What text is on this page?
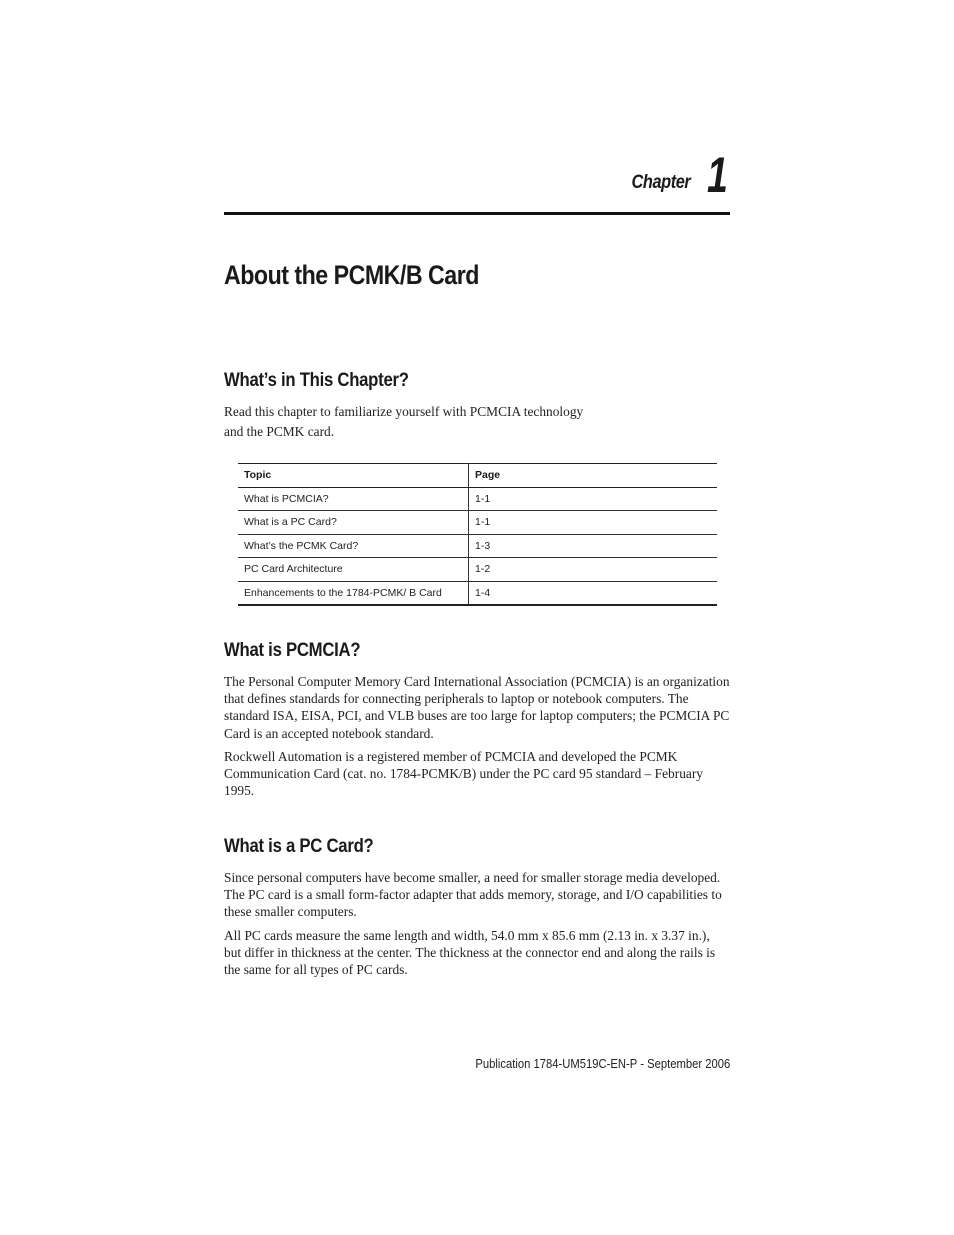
Chapter 1
About the PCMK/B Card
What’s in This Chapter?

Read this chapter to familiarize yourself with PCMCIA technology

and the PCMK card.

Topic	Page
What is PCMCIA?	1-1
What is a PC Card?	1-1
What’s the PCMK Card?	1-3
PC Card Architecture	1-2
Enhancements to the 1784-PCMK/ B Card	1-4
What is PCMCIA?

The Personal Computer Memory Card International Association (PCMCIA) is an organization that defines standards for connecting peripherals to laptop or notebook computers. The standard ISA, EISA, PCI, and VLB buses are too large for laptop computers; the PCMCIA PC Card is an accepted notebook standard.

Rockwell Automation is a registered member of PCMCIA and developed the PCMK Communication Card (cat. no. 1784-PCMK/B) under the PC card 95 standard – February 1995.

What is a PC Card?

Since personal computers have become smaller, a need for smaller storage media developed. The PC card is a small form-factor adapter that adds memory, storage, and I/O capabilities to these smaller computers.

All PC cards measure the same length and width, 54.0 mm x 85.6 mm (2.13 in. x 3.37 in.), but differ in thickness at the center. The thickness at the connector end and along the rails is the same for all types of PC cards.

Publication 1784-UM519C-EN-P - September 2006
